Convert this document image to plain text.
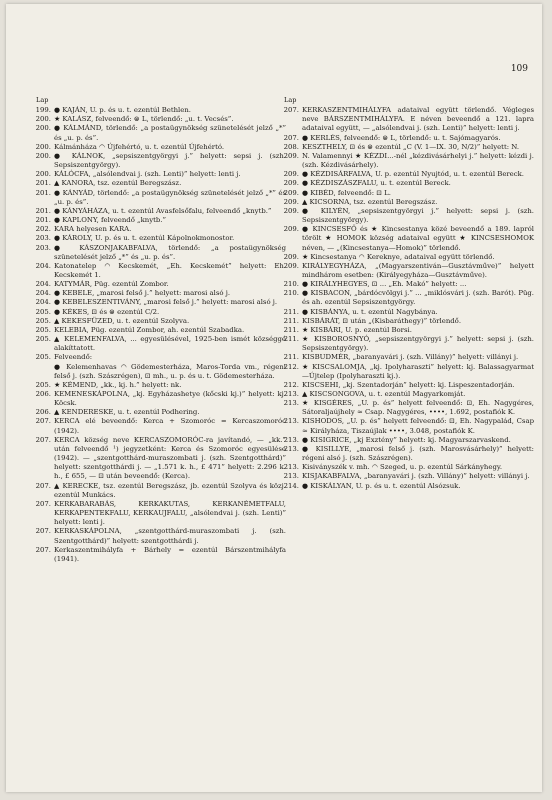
109
Lap
199. ● KAJÁN, U. p. és u. t. ezentúl Bethlen.
200. ★ KALÁSZ, felveendő: ⊜ L, törlendő: „u. t. Vecsés”.
200. ● KÁLMÁND, törlendő: „a postaügynökség szünetelését jelző „*” és „u. p. és”.
200. Kálmánháza ◠ Újfehértó, u. t. ezentúl Újfehértó.
200. ● KÁLNOK, „sepsiszentgyörgyi j.” helyett: sepsi j. (szh. Sepsiszentgyörgy).
200. KÁLÓCFA, „alsólendvai j. (szh. Lenti)” helyett: lenti j.
201. ▲ KANORA, tsz. ezentúl Beregszász.
201. ● KÁNYÁD, törlendő: „a postaügynökség szünetelését jelző „*” és „u. p. és”.
201. ● KÁNYÁHÁZA, u. t. ezentúl Avasfelsőfalu, felveendő „knytb.”
201. ● KAPLONY, felveendő „knytb.”
202. KARA helyesen KARA.
203. ● KÁROLY, U. p. és u. t. ezentúl Kápolnokmonostor.
203. ● KÁSZONJAKABFALVA, törlendő: „a postaügynökség szünetelését jelző „*” és „u. p. és”.
204. Katonatelep ◠ Kecskemét, „Eh. Kecskemét” helyett: Eh. Kecskemét 1.
204. KATYMÁR, Püg. ezentúl Zombor.
204. ● KEBELE, „marosi felső j.” helyett: marosi alsó j.
204. ● KEBELESZENTIVÁNY, „marosi felső j.” helyett: marosi alsó j.
205. ● KÉKES, ⊡ és ⊜ ezentúl C/2.
205. ▲ KEKESFÜZED, u. t. ezentúl Szolyva.
205. KELEBIA, Püg. ezentúl Zombor, ah. ezentúl Szabadka.
205. ▲ KELEMENFALVA, ... egyesülésével, 1925-ben ismét községgé alakíttatott.
205. Felveendő:
● Kelemenhavas ◠ Gödemesterháza, Maros-Torda vm., régeni felső j. (szh. Szászrégen), ⊡ mh., u. p. és u. t. Gödemesterháza.
205. ★ KÉMEND, „kk., kj. h.” helyett: nk.
206. KEMENESKÁPOLNA, „kj. Egyházashetye (kőcski kj.)” helyett: kj. Köcsk.
206. ▲ KENDERESKE, u. t. ezentúl Podhering.
207. KERCA elé beveendő: Kerca + Szomoróc = Kercaszomoróc (1942).
207. KERCA község neve KERCASZOMORÓC-ra javítandó, — „kk.” után felveendő ¹) jegyzetként: Kerca és Szomoróc egyesülése (1942). — „szentgotthárd-muraszombati j. (szh. Szentgotthárd)” helyett: szentgotthárdi j. — „1.571 k. h., £ 471” helyett: 2.296 k. h., £ 655, — ⊡ után beveendő: (Kerca).
207. ▲ KERECKE, tsz. ezentúl Beregszász, jb. ezentúl Szolyva és közj. ezentúl Munkács.
207. KERKABARABÁS, KERKAKUTAS, KERKANÉMETFALU, KERKAPENTEKFALU, KERKAUJFALU, „alsólendvai j. (szh. Lenti)” helyett: lenti j.
207. KERKASKÁPOLNA, „szentgotthárd-muraszombati j. (szh. Szentgotthárd)” helyett: szentgotthárdi j.
207. Kerkaszentmihályfa + Bárhely = ezentúl Bárszentmihályfa (1941).
Lap
207. KERKASZENTMIHÁLYFA adataival együtt törlendő. Végleges neve BÁRSZENTMIHÁLYFA. E néven beveendő a 121. lapra adataival együtt, — „alsólendvai j. (szh. Lenti)” helyett: lenti j.
207. ● KERLÉS, felveendő: ⊜ L, törlendő: u. t. Sajómagyarós.
208. KESZTHELY, ⊡ és ⊜ ezentúl „C (V. 1—IX. 30, N/2)” helyett: N.
209. N. Valamennyi ★ KÉZDI...-nél „kézdivásárhelyi j.” helyett: kézdi j. (szh. Kézdivásárhely).
209. ● KÉZDISÁRFALVA, U. p. ezentúl Nyujtód, u. t. ezentúl Bereck.
209. ● KÉZDISZÁSZFALU, u. t. ezentúl Bereck.
209. ● KIBÉD, felveendő: ⊡ L.
209. ▲ KICSORNA, tsz. ezentúl Beregszász.
209. ● KILYÉN, „sepsiszentgyörgyi j.” helyett: sepsi j. (szh. Sepsiszentgyörgy).
209. ● KINCSESFŐ és ★ Kincsestanya közé beveendő a 189. lapról törölt ★ HOMOK község adataival együtt ★ KINCSESHOMOK néven, — „(Kincsestanya—Homok)” törlendő.
209. ★ Kincsestanya ◠ Kereknye, adataival együtt törlendő.
209. KIRÁLYEGYHÁZA, „(Magyarszentiván—Gusztávműve)” helyett mindhárom esetben: (Királyegyháza—Gusztávműve).
210. ● KIRÁLYHEGYES, ⊡ ... „Eh. Makó” helyett: ...
210. ● KISBACON, „bárdócvölgyi j.” ... „miklósvári j. (szh. Barót). Püg. és ah. ezentúl Sepsiszentgyörgy.
211. ● KISBÁNYA, u. t. ezentúl Nagybánya.
211. KISBÁRÁT, ⊡ után „(Kisbaráthegy)” törlendő.
211. ★ KISBÁRI, U. p. ezentúl Borsi.
211. ★ KISBOROSNYÓ, „sepsiszentgyörgyi j.” helyett: sepsi j. (szh. Sepsiszentgyörgy).
211. KISBUDMÉR, „baranyavári j. (szh. Villány)” helyett: villányi j.
212. ★ KISCSALOMJA, „kj. Ipolyharaszti” helyett: kj. Balassagyarmat—Újtelep (Ipolyharaszti kj.).
212. KISCSEHI, „kj. Szentadorján” helyett: kj. Lispeszentadorján.
213. ▲ KISCSONGOVA, u. t. ezentúl Magyarkomját.
213. ★ KISGÉRES, „U. p. és” helyett felveendő: ⊡, Eh. Nagygéres, Sátoraljaújhely ≈ Csap. Nagygéres, ••••, 1.692, postafiók K.
213. KISHODOS, „U. p. és” helyett felveendő: ⊡, Eh. Nagypalád, Csap ≈ Királyháza, Tiszaújlak ••••, 3.048, postafiók K.
213. ● KISIGRICE, „kj Exztény” helyett: kj. Magyarszarvaskend.
213. ● KISILLYE, „marosi felső j. (szh. Marosvásárhely)” helyett: régeni alsó j. (szh. Szászrégen).
213. Kisiványszék v. mh. ◠ Szeged, u. p. ezentúl Sárkányhegy.
213. KISJAKABFALVA, „baranyavári j. (szh. Villány)” helyett: villányi j.
214. ● KISKÁLYAN, U. p. és u. t. ezentúl Alsózsuk.
